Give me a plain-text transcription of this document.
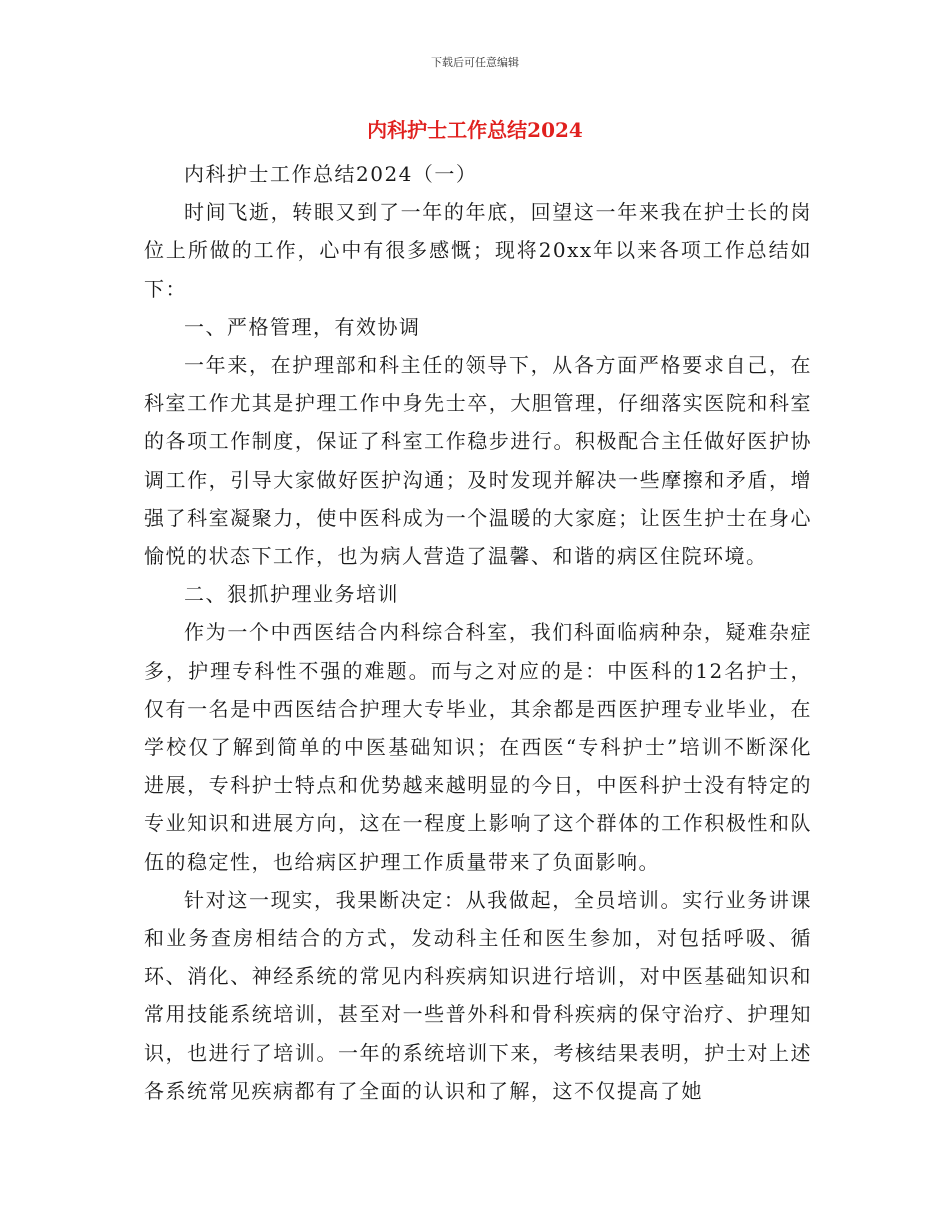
下载后可任意编辑
内科护士工作总结2024

内科护士工作总结2024（一）

时间飞逝，转眼又到了一年的年底，回望这一年来我在护士长的岗位上所做的工作，心中有很多感慨；现将20xx年以来各项工作总结如下：

一、严格管理，有效协调

一年来，在护理部和科主任的领导下，从各方面严格要求自己，在科室工作尤其是护理工作中身先士卒，大胆管理，仔细落实医院和科室的各项工作制度，保证了科室工作稳步进行。积极配合主任做好医护协调工作，引导大家做好医护沟通；及时发现并解决一些摩擦和矛盾，增强了科室凝聚力，使中医科成为一个温暖的大家庭；让医生护士在身心愉悦的状态下工作，也为病人营造了温馨、和谐的病区住院环境。

二、狠抓护理业务培训

作为一个中西医结合内科综合科室，我们科面临病种杂，疑难杂症多，护理专科性不强的难题。而与之对应的是：中医科的12名护士，仅有一名是中西医结合护理大专毕业，其余都是西医护理专业毕业，在学校仅了解到简单的中医基础知识；在西医“专科护士”培训不断深化进展，专科护士特点和优势越来越明显的今日，中医科护士没有特定的专业知识和进展方向，这在一程度上影响了这个群体的工作积极性和队伍的稳定性，也给病区护理工作质量带来了负面影响。

针对这一现实，我果断决定：从我做起，全员培训。实行业务讲课和业务查房相结合的方式，发动科主任和医生参加，对包括呼吸、循环、消化、神经系统的常见内科疾病知识进行培训，对中医基础知识和常用技能系统培训，甚至对一些普外科和骨科疾病的保守治疗、护理知识，也进行了培训。一年的系统培训下来，考核结果表明，护士对上述各系统常见疾病都有了全面的认识和了解，这不仅提高了她
